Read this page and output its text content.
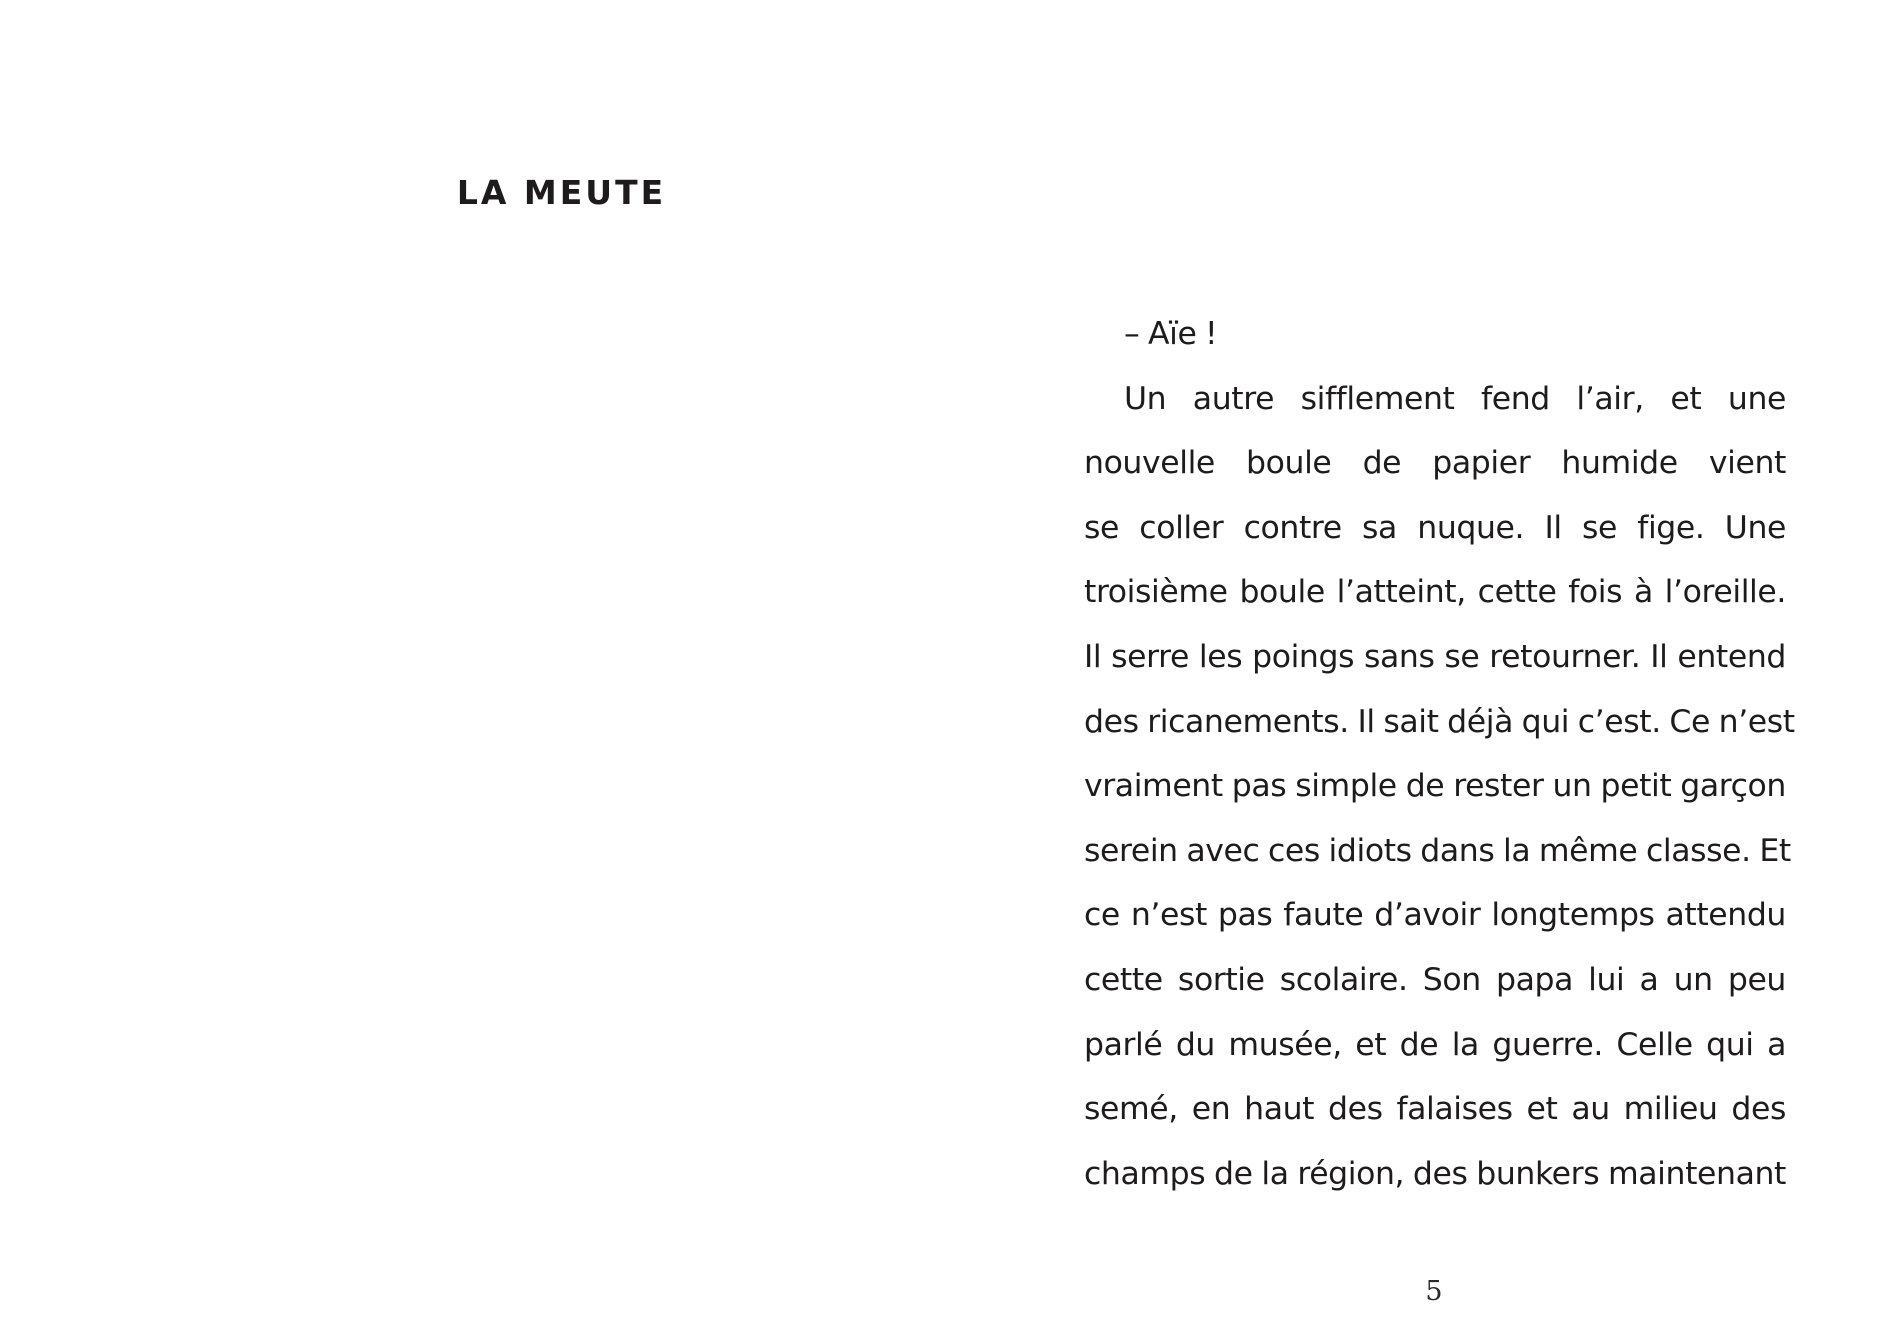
LA MEUTE
– Aïe !
Un autre sifflement fend l’air, et une
nouvelle boule de papier humide vient
se coller contre sa nuque. Il se fige. Une
troisième boule l’atteint, cette fois à l’oreille.
Il serre les poings sans se retourner. Il entend
des ricanements. Il sait déjà qui c’est. Ce n’est
vraiment pas simple de rester un petit garçon
serein avec ces idiots dans la même classe. Et
ce n’est pas faute d’avoir longtemps attendu
cette sortie scolaire. Son papa lui a un peu
parlé du musée, et de la guerre. Celle qui a
semé, en haut des falaises et au milieu des
champs de la région, des bunkers maintenant
5
